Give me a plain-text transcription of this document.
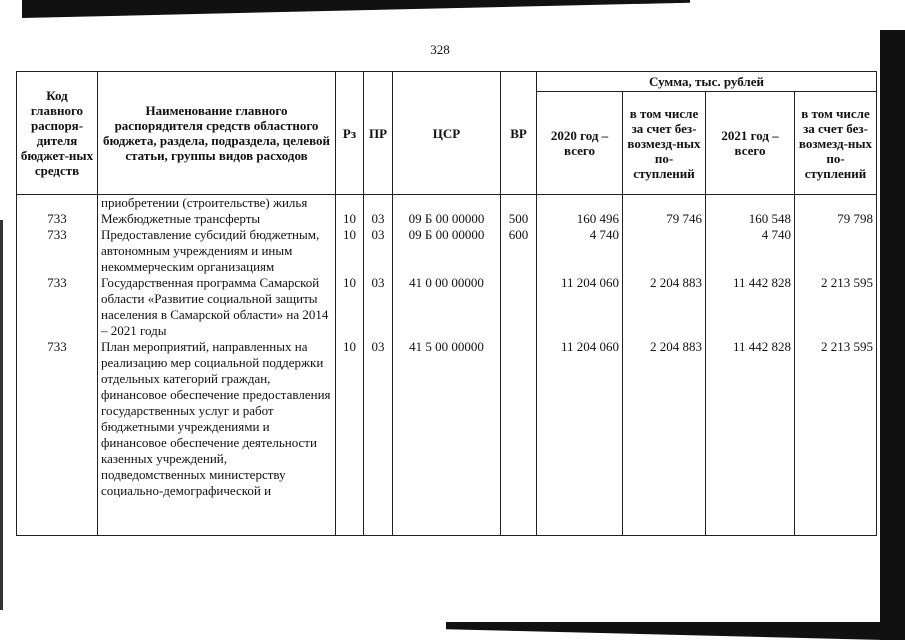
328
Код главного распоря-дителя бюджет-ных средств	Наименование главного распорядителя средств областного бюджета, раздела, подраздела, целевой статьи, группы видов расходов	Рз	ПР	ЦСР	ВР	Сумма, тыс. рублей			
						2020 год – всего	в том числе за счет без-возмезд-ных по-ступлений	2021 год – всего	в том числе за счет без-возмезд-ных по-ступлений
	приобретении (строительстве) жилья								
733	Межбюджетные трансферты	10	03	09 Б 00 00000	500	160 496	79 746	160 548	79 798
733	Предоставление субсидий бюджетным, автономным учреждениям и иным некоммерческим организациям	10	03	09 Б 00 00000	600	4 740		4 740	
733	Государственная программа Самарской области «Развитие социальной защиты населения в Самарской области» на 2014 – 2021 годы	10	03	41 0 00 00000		11 204 060	2 204 883	11 442 828	2 213 595
733	План мероприятий, направленных на реализацию мер социальной поддержки отдельных категорий граждан, финансовое обеспечение предоставления государственных услуг и работ бюджетными учреждениями и финансовое обеспечение деятельности казенных учреждений, подведомственных министерству социально-демографической и	10	03	41 5 00 00000		11 204 060	2 204 883	11 442 828	2 213 595
